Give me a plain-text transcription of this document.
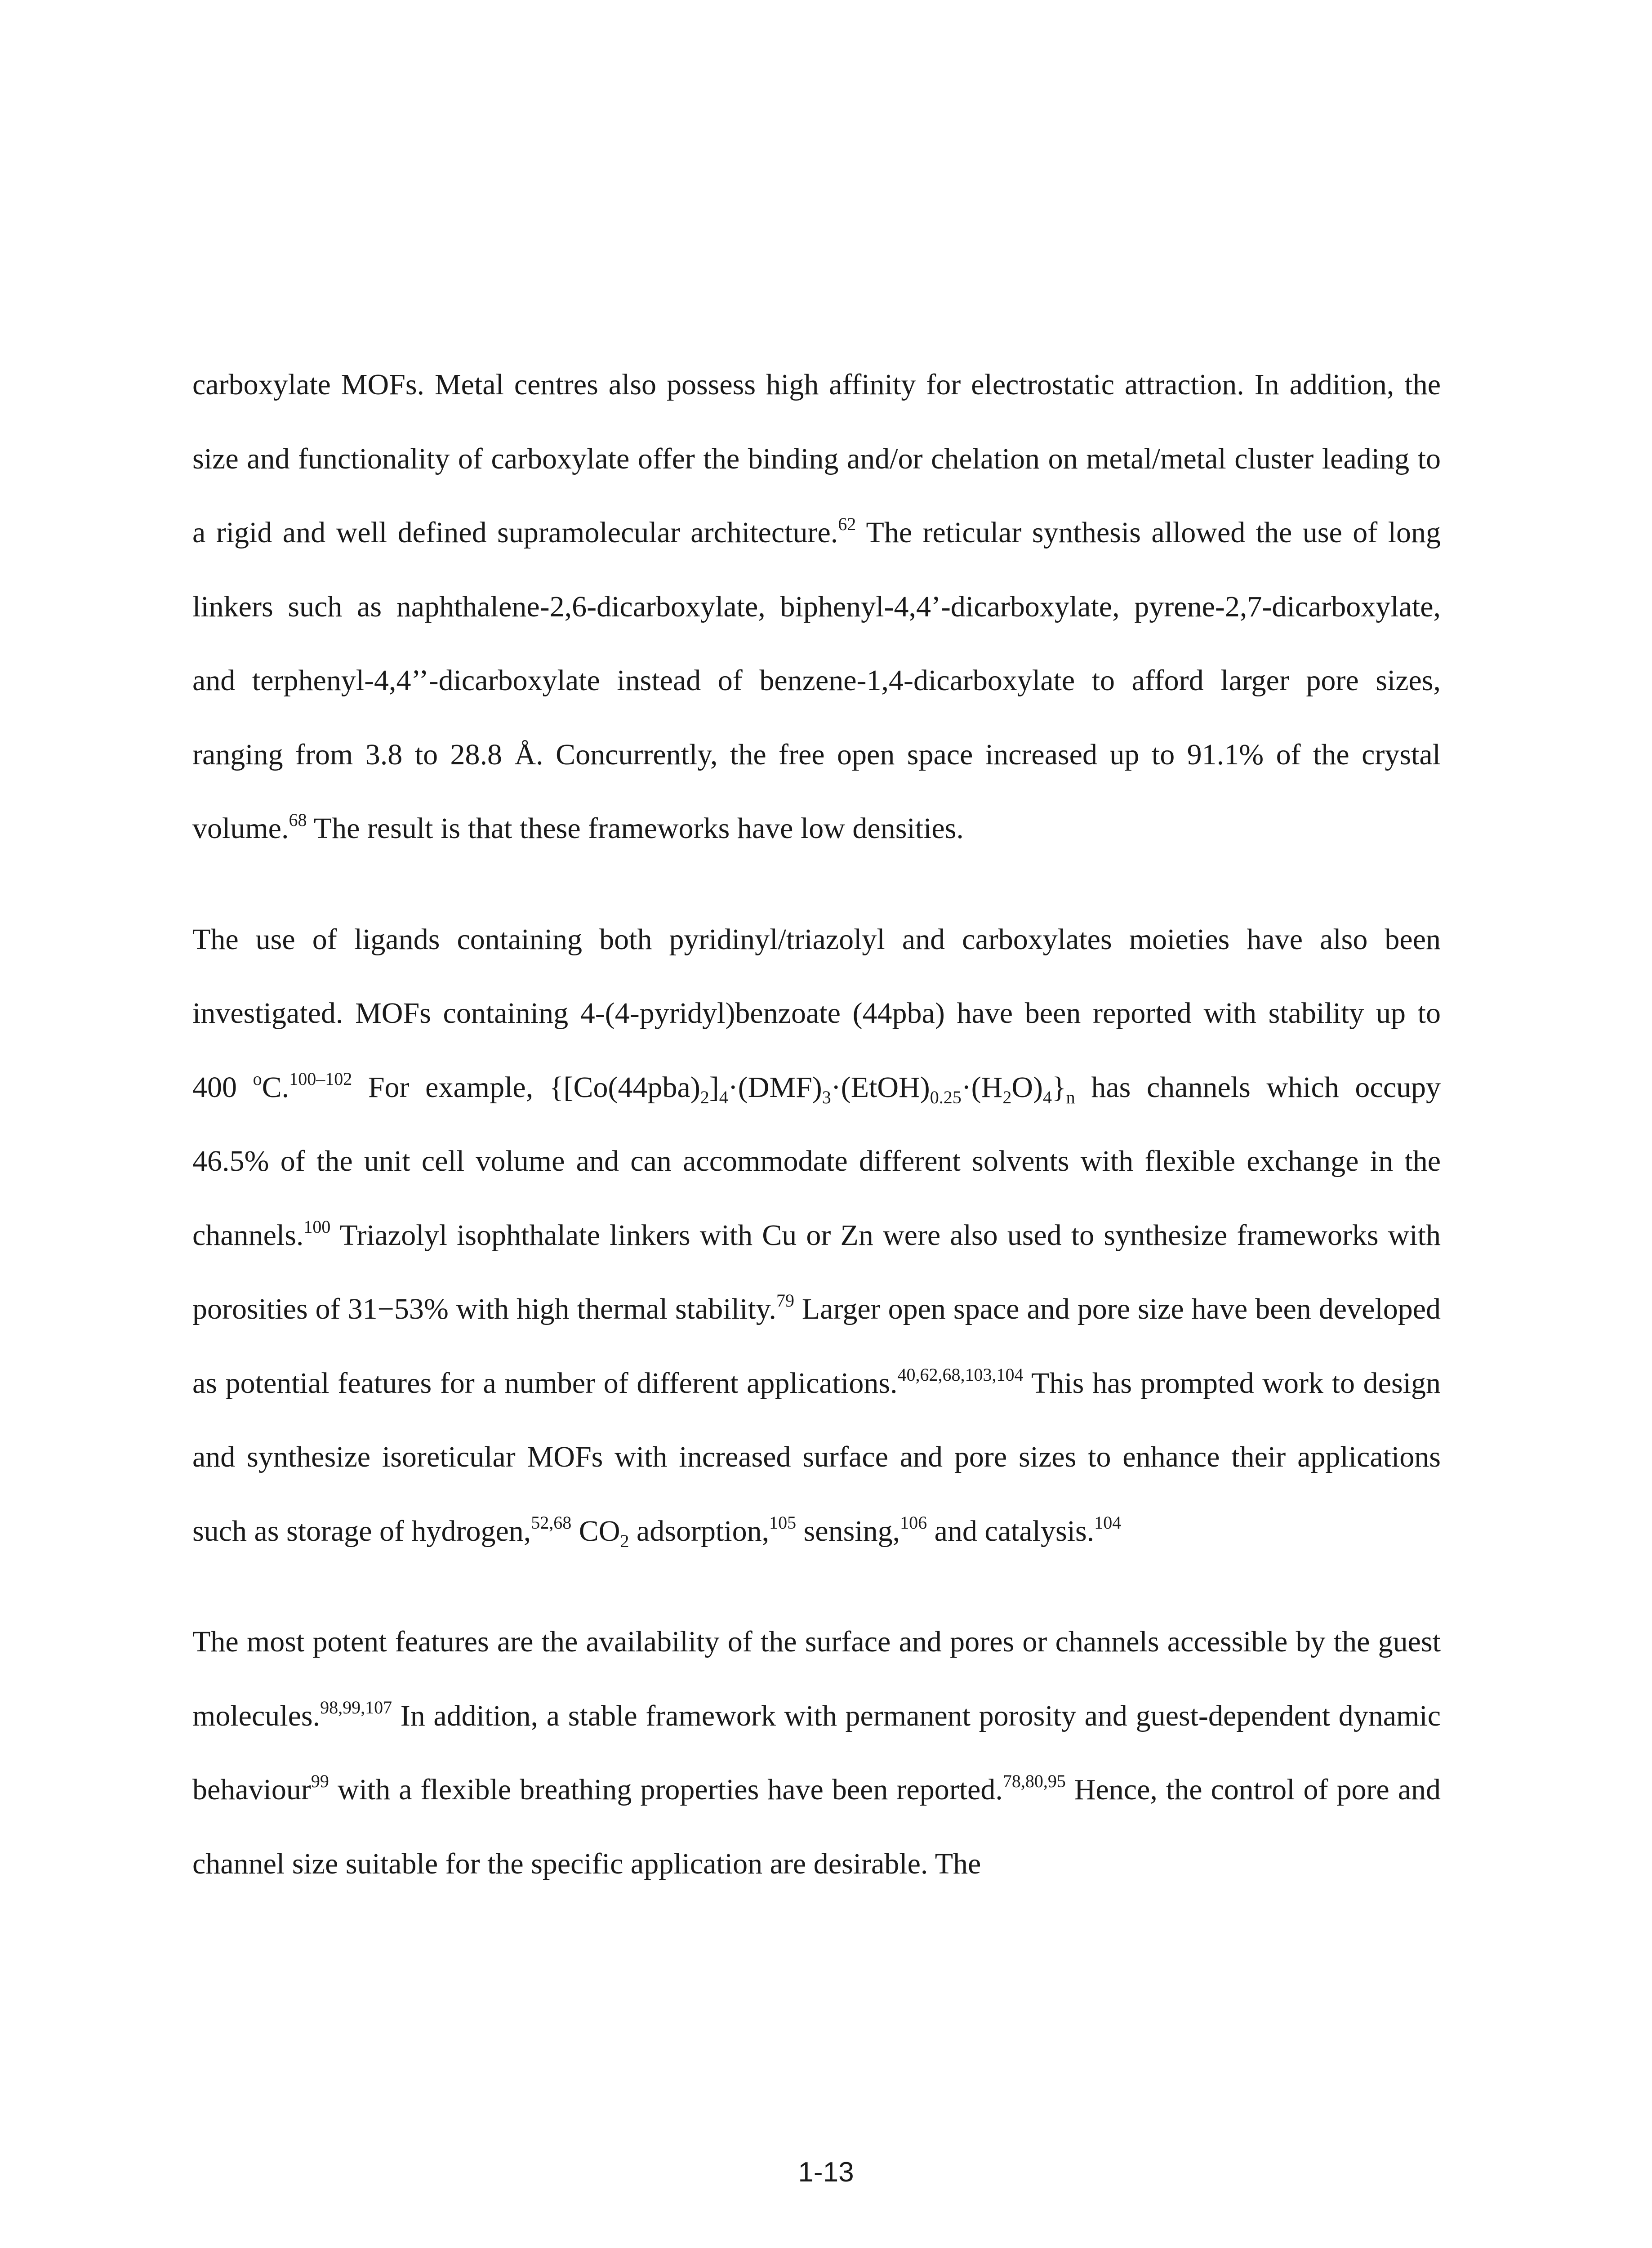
carboxylate MOFs. Metal centres also possess high affinity for electrostatic attraction. In addition, the size and functionality of carboxylate offer the binding and/or chelation on metal/metal cluster leading to a rigid and well defined supramolecular architecture.$^{62}$ The reticular synthesis allowed the use of long linkers such as naphthalene-2,6-dicarboxylate, biphenyl-4,4’-dicarboxylate, pyrene-2,7-dicarboxylate, and terphenyl-4,4’’-dicarboxylate instead of benzene-1,4-dicarboxylate to afford larger pore sizes, ranging from 3.8 to 28.8 Å. Concurrently, the free open space increased up to 91.1% of the crystal volume.$^{68}$ The result is that these frameworks have low densities.

The use of ligands containing both pyridinyl/triazolyl and carboxylates moieties have also been investigated. MOFs containing 4-(4-pyridyl)benzoate (44pba) have been reported with stability up to 400 $^o$C.$^{100-102}$ For example, $\{[Co(44pba)_2]_4\cdot(DMF)_3\cdot(EtOH)_{0.25}\cdot(H_2O)_4\}_n$ has channels which occupy 46.5% of the unit cell volume and can accommodate different solvents with flexible exchange in the channels.$^{100}$ Triazolyl isophthalate linkers with Cu or Zn were also used to synthesize frameworks with porosities of 31−53% with high thermal stability.$^{79}$ Larger open space and pore size have been developed as potential features for a number of different applications.$^{40,62,68,103,104}$ This has prompted work to design and synthesize isoreticular MOFs with increased surface and pore sizes to enhance their applications such as storage of hydrogen,$^{52,68}$ $CO_2$ adsorption,$^{105}$ sensing,$^{106}$ and catalysis.$^{104}$

The most potent features are the availability of the surface and pores or channels accessible by the guest molecules.$^{98,99,107}$ In addition, a stable framework with permanent porosity and guest-dependent dynamic behaviour$^{99}$ with a flexible breathing properties have been reported.$^{78,80,95}$ Hence, the control of pore and channel size suitable for the specific application are desirable. The

1-13
